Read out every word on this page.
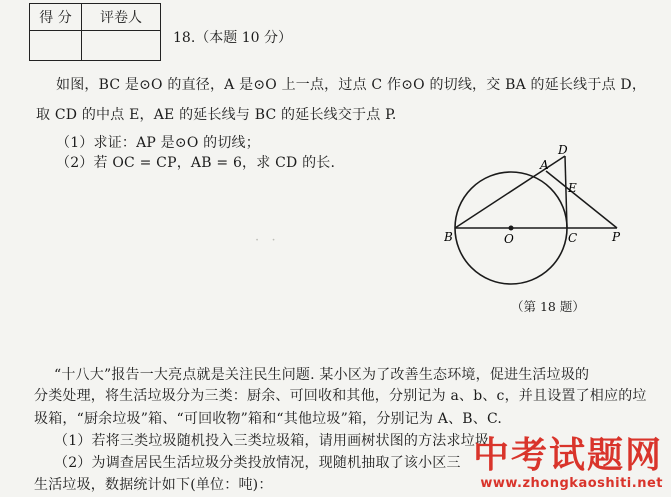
得 分	评卷人
18.（本题 10 分）
如图，BC 是⊙O 的直径，A 是⊙O 上一点，过点 C 作⊙O 的切线，交 BA 的延长线于点 D，
取 CD 的中点 E，AE 的延长线与 BC 的延长线交于点 P.
（1）求证：AP 是⊙O 的切线；
（2）若 OC = CP，AB = 6，求 CD 的长.
·   ·
A
B	C
D
E
O	P
（第 18 题）
“十八大”报告一大亮点就是关注民生问题. 某小区为了改善生态环境，促进生活垃圾的
分类处理，将生活垃圾分为三类：厨余、可回收和其他，分别记为 a、b、c，并且设置了相应的垃
圾箱，“厨余垃圾”箱、“可回收物”箱和“其他垃圾”箱，分别记为 A、B、C.
（1）若将三类垃圾随机投入三类垃圾箱，请用画树状图的方法求垃圾
（2）为调查居民生活垃圾分类投放情况，现随机抽取了该小区三
生活垃圾，数据统计如下(单位：吨)：
中考试题网
www.zhongkaoshiti.net
